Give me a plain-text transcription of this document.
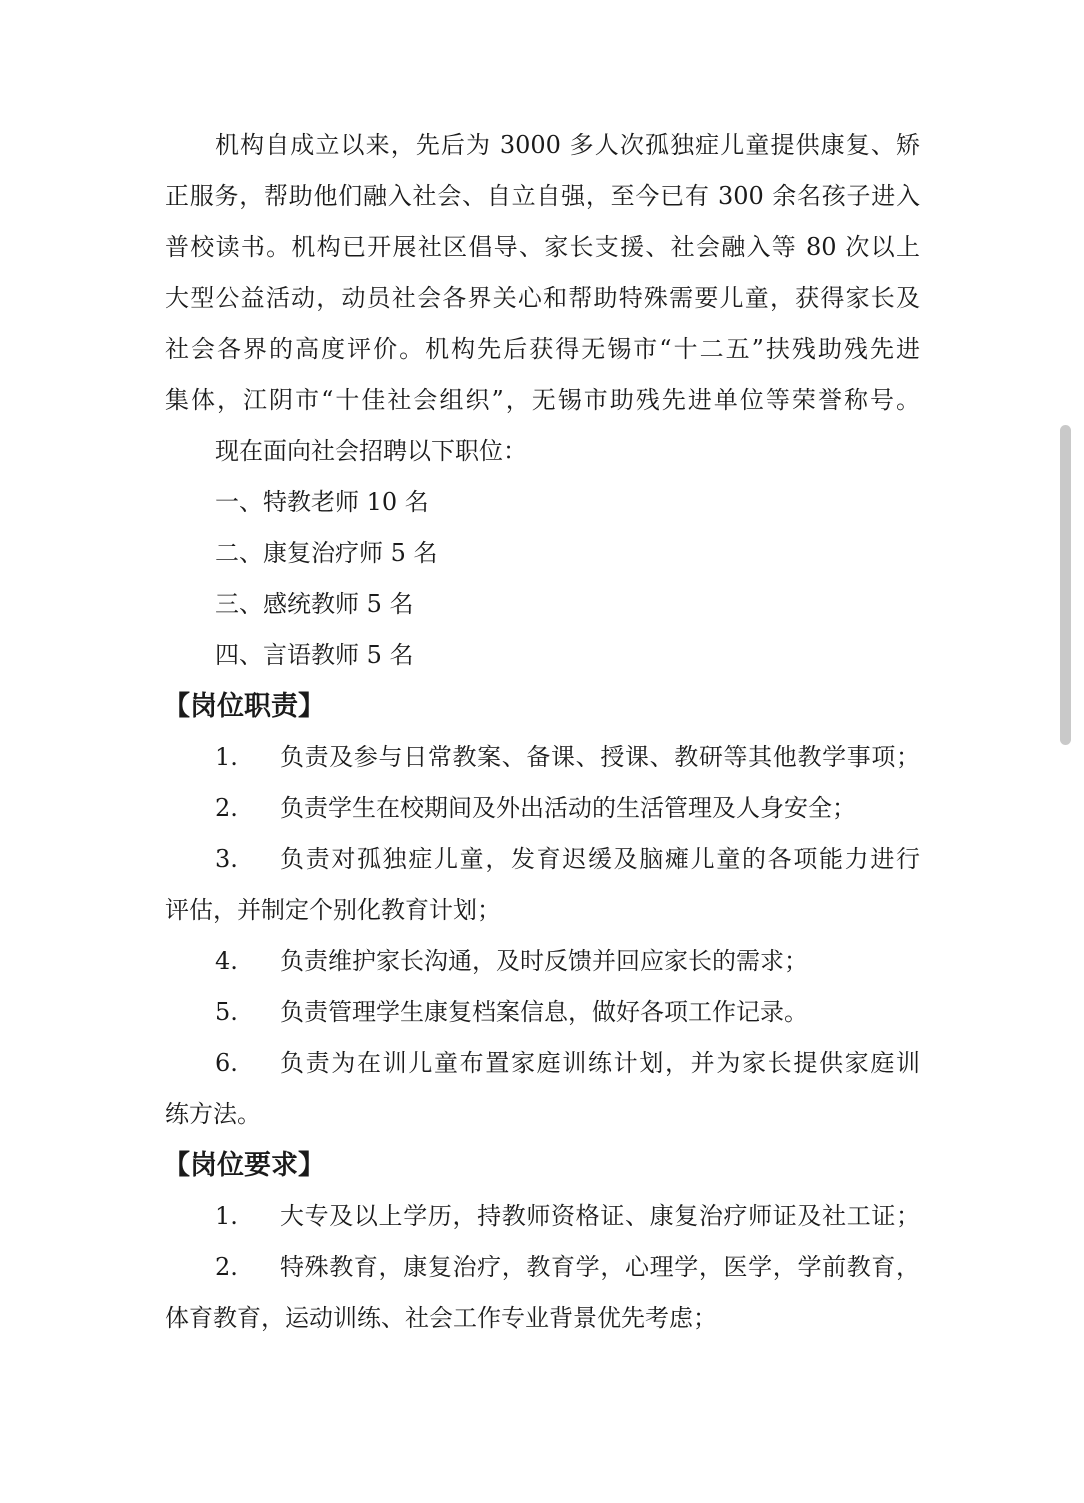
机构自成立以来，先后为 3000 多人次孤独症儿童提供康复、矫
正服务，帮助他们融入社会、自立自强，至今已有 300 余名孩子进入
普校读书。机构已开展社区倡导、家长支援、社会融入等 80 次以上
大型公益活动，动员社会各界关心和帮助特殊需要儿童，获得家长及
社会各界的高度评价。机构先后获得无锡市“十二五”扶残助残先进
集体，江阴市“十佳社会组织”，无锡市助残先进单位等荣誉称号。
现在面向社会招聘以下职位：
一、特教老师 10 名
二、康复治疗师 5 名
三、感统教师 5 名
四、言语教师 5 名
【岗位职责】
1. 负责及参与日常教案、备课、授课、教研等其他教学事项；
2. 负责学生在校期间及外出活动的生活管理及人身安全；
3. 负责对孤独症儿童，发育迟缓及脑瘫儿童的各项能力进行
评估，并制定个别化教育计划；
4. 负责维护家长沟通，及时反馈并回应家长的需求；
5. 负责管理学生康复档案信息，做好各项工作记录。
6. 负责为在训儿童布置家庭训练计划，并为家长提供家庭训
练方法。
【岗位要求】
1. 大专及以上学历，持教师资格证、康复治疗师证及社工证；
2. 特殊教育，康复治疗，教育学，心理学，医学，学前教育，
体育教育，运动训练、社会工作专业背景优先考虑；
